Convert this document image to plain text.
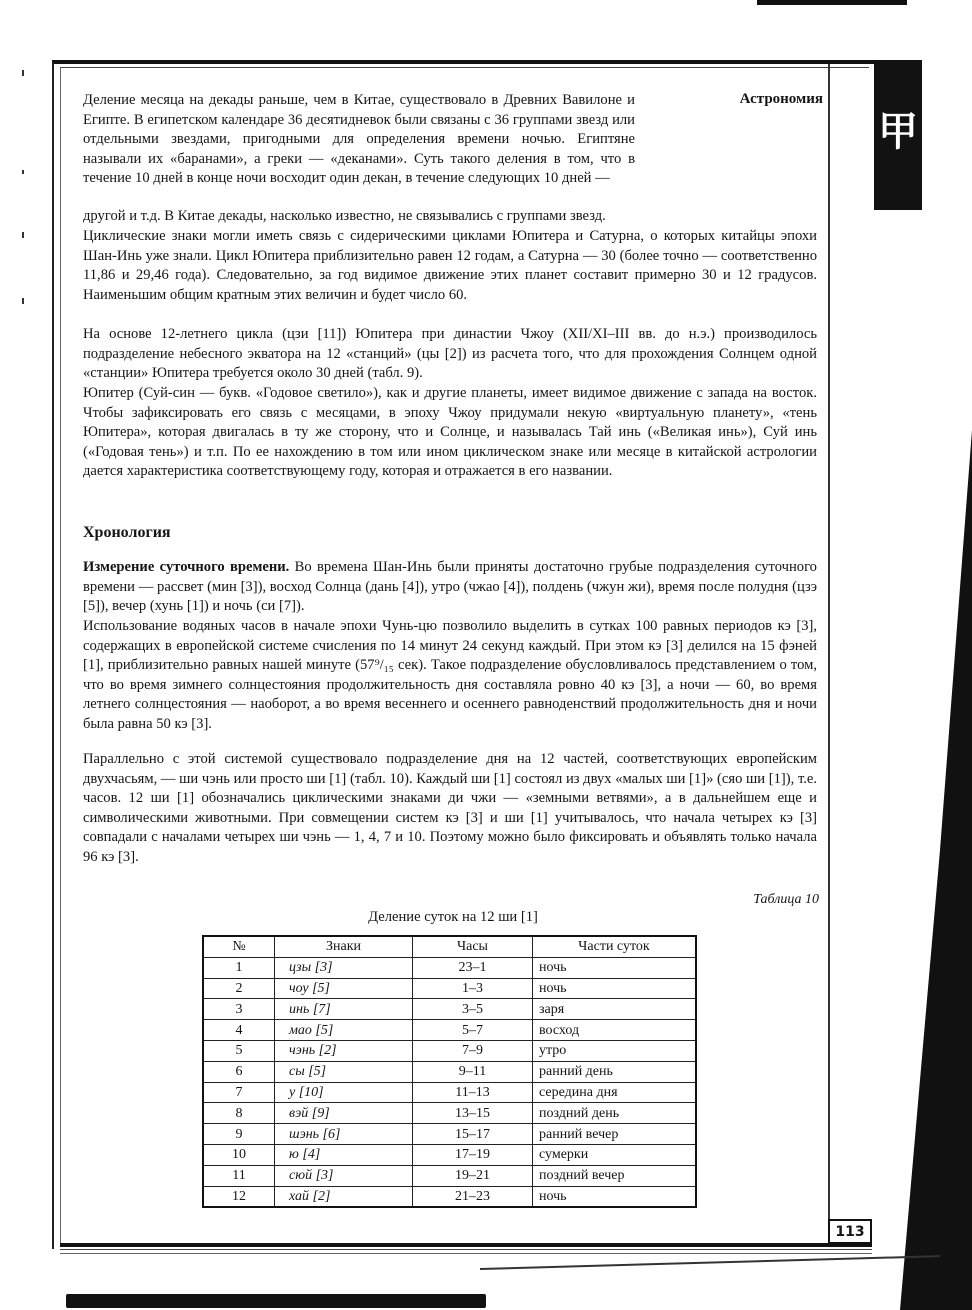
甲
Астрономия

Деление месяца на декады раньше, чем в Китае, существовало в Древних Вавилоне и Египте. В египетском календаре 36 десятидневок были связаны с 36 группами звезд или отдельными звездами, пригодными для определения времени ночью. Египтяне называли их «баранами», а греки — «деканами». Суть такого деления в том, что в течение 10 дней в конце ночи восходит один декан, в течение следующих 10 дней —

другой и т.д. В Китае декады, насколько известно, не связывались с группами звезд.

Циклические знаки могли иметь связь с сидерическими циклами Юпитера и Сатурна, о которых китайцы эпохи Шан-Инь уже знали. Цикл Юпитера приблизительно равен 12 годам, а Сатурна — 30 (более точно — соответственно 11,86 и 29,46 года). Следовательно, за год видимое движение этих планет составит примерно 30 и 12 градусов. Наименьшим общим кратным этих величин и будет число 60.

На основе 12-летнего цикла (цзи [11]) Юпитера при династии Чжоу (XII/XI–III вв. до н.э.) производилось подразделение небесного экватора на 12 «станций» (цы [2]) из расчета того, что для прохождения Солнцем одной «станции» Юпитера требуется около 30 дней (табл. 9).

Юпитер (Суй-син — букв. «Годовое светило»), как и другие планеты, имеет видимое движение с запада на восток. Чтобы зафиксировать его связь с месяцами, в эпоху Чжоу придумали некую «виртуальную планету», «тень Юпитера», которая двигалась в ту же сторону, что и Солнце, и называлась Тай инь («Великая инь»), Суй инь («Годовая тень») и т.п. По ее нахождению в том или ином циклическом знаке или месяце в китайской астрологии дается характеристика соответствующему году, которая и отражается в его названии.

Хронология

Измерение суточного времени. Во времена Шан-Инь были приняты достаточно грубые подразделения суточного времени — рассвет (мин [3]), восход Солнца (дань [4]), утро (чжао [4]), полдень (чжун жи), время после полудня (цзэ [5]), вечер (хунь [1]) и ночь (си [7]).

Использование водяных часов в начале эпохи Чунь-цю позволило выделить в сутках 100 равных периодов кэ [3], содержащих в европейской системе счисления по 14 минут 24 секунд каждый. При этом кэ [3] делился на 15 фэней [1], приблизительно равных нашей минуте (57⁹/₁₅ сек). Такое подразделение обусловливалось представлением о том, что во время зимнего солнцестояния продолжительность дня составляла ровно 40 кэ [3], а ночи — 60, во время летнего солнцестояния — наоборот, а во время весеннего и осеннего равноденствий продолжительность дня и ночи была равна 50 кэ [3].

Параллельно с этой системой существовало подразделение дня на 12 частей, соответствующих европейским двухчасьям, — ши чэнь или просто ши [1] (табл. 10). Каждый ши [1] состоял из двух «малых ши [1]» (сяо ши [1]), т.е. часов. 12 ши [1] обозначались циклическими знаками ди чжи — «земными ветвями», а в дальнейшем еще и символическими животными. При совмещении систем кэ [3] и ши [1] учитывалось, что начала четырех кэ [3] совпадали с началами четырех ши чэнь — 1, 4, 7 и 10. Поэтому можно было фиксировать и объявлять только начала 96 кэ [3].

Таблица 10
Деление суток на 12 ши [1]
№	Знаки	Часы	Части суток
1	цзы [3]	23–1	ночь
2	чоу [5]	1–3	ночь
3	инь [7]	3–5	заря
4	мао [5]	5–7	восход
5	чэнь [2]	7–9	утро
6	сы [5]	9–11	ранний день
7	у [10]	11–13	середина дня
8	вэй [9]	13–15	поздний день
9	шэнь [6]	15–17	ранний вечер
10	ю [4]	17–19	сумерки
11	сюй [3]	19–21	поздний вечер
12	хай [2]	21–23	ночь
113
